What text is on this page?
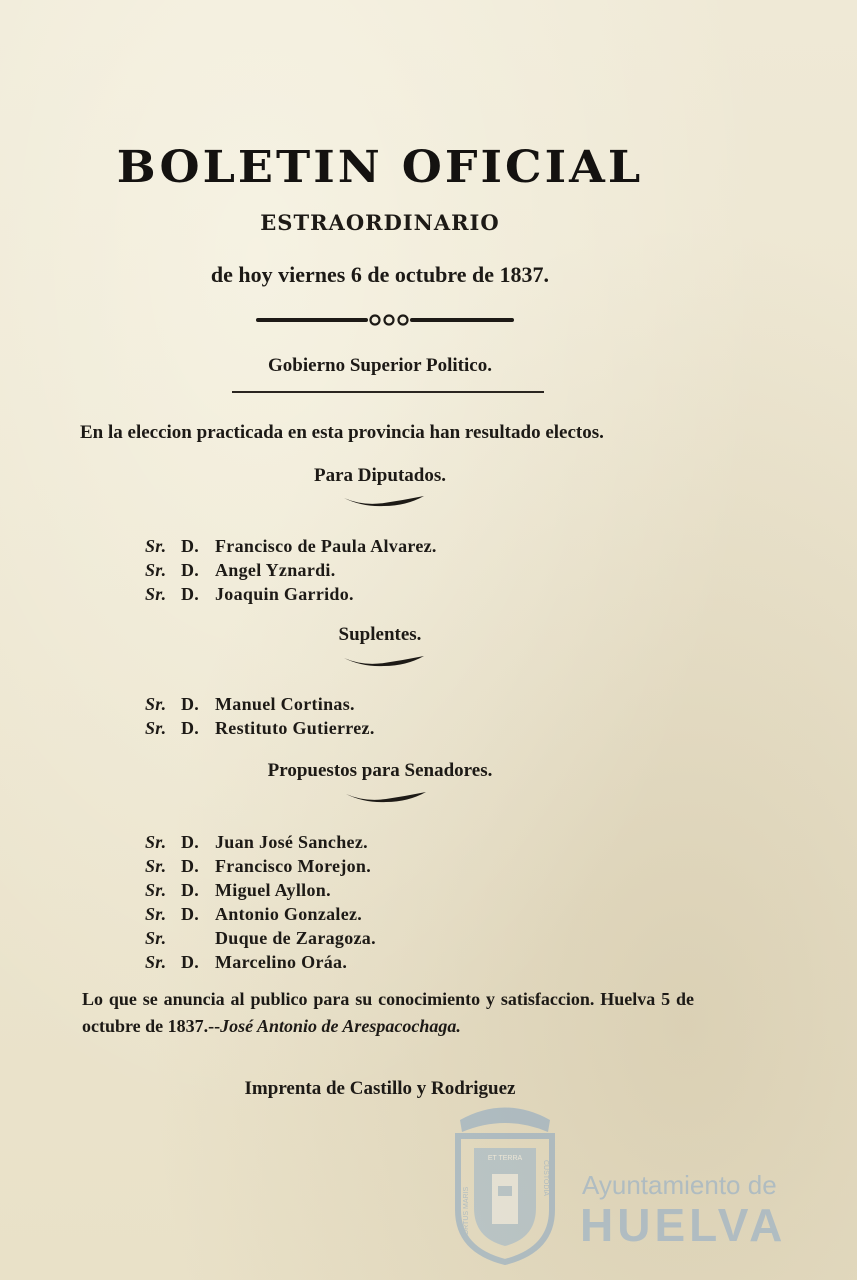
BOLETIN OFICIAL
ESTRAORDINARIO
de hoy viernes 6 de octubre de 1837.
Gobierno Superior Politico.
En la eleccion practicada en esta provincia han resultado electos.
Para Diputados.
Sr. D. Francisco de Paula Alvarez.
Sr. D. Angel Yznardi.
Sr. D. Joaquin Garrido.
Suplentes.
Sr. D. Manuel Cortinas.
Sr. D. Restituto Gutierrez.
Propuestos para Senadores.
Sr. D. Juan José Sanchez.
Sr. D. Francisco Morejon.
Sr. D. Miguel Ayllon.
Sr. D. Antonio Gonzalez.
Sr.	Duque de Zaragoza.
Sr. D. Marcelino Oráa.
Lo que se anuncia al publico para su conocimiento y satisfaccion. Huelva 5 de octubre de 1837.--José Antonio de Arespacochaga.
Imprenta de Castillo y Rodriguez
ET TERRA
PORTUS MARIS
CUSTODIA Ayuntamiento de
HUELVA
